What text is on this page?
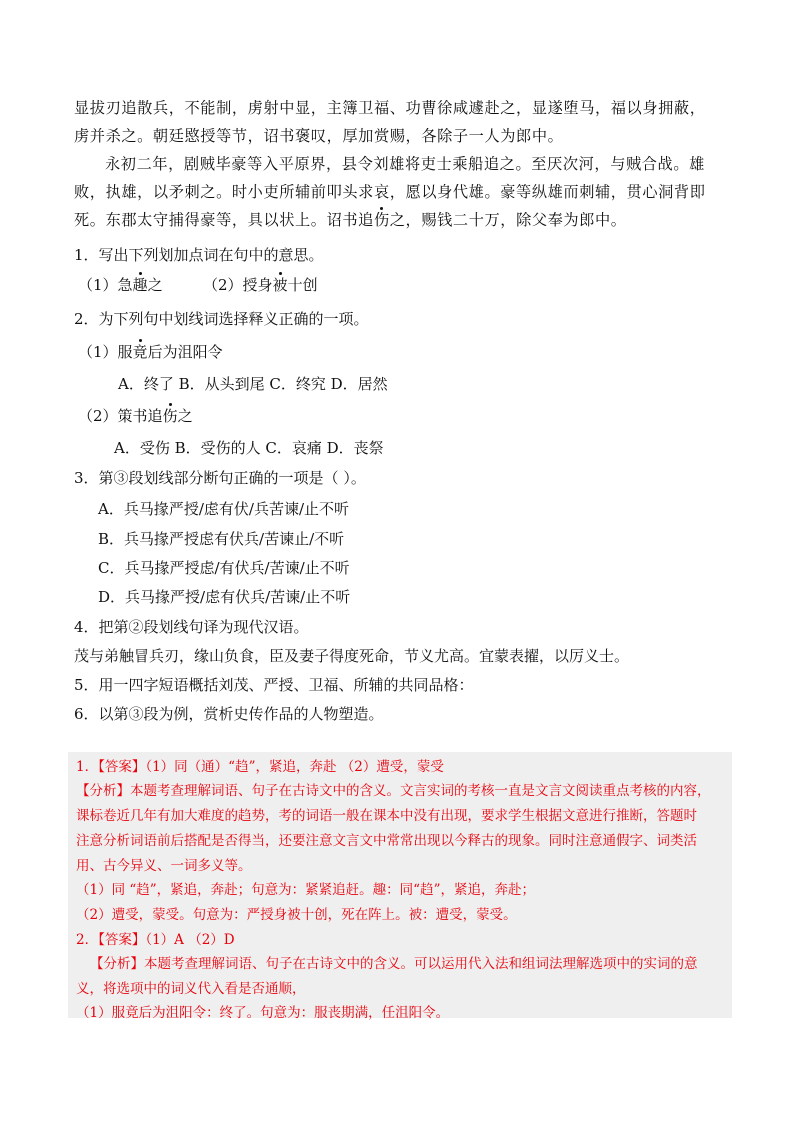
显拔刃追散兵，不能制，虏射中显，主簿卫福、功曹徐咸遽赴之，显遂堕马，福以身拥蔽，
虏并杀之。朝廷愍授等节，诏书褒叹，厚加赏赐，各除子一人为郎中。
永初二年，剧贼毕豪等入平原界，县令刘雄将吏士乘船追之。至厌次河，与贼合战。雄
败，执雄，以矛刺之。时小吏所辅前叩头求哀，愿以身代雄。豪等纵雄而刺辅，贯心洞背即
死。东郡太守捕得豪等，具以状上。诏书追伤之，赐钱二十万，除父奉为郎中。
1．写出下列划加点词在句中的意思。
（1）急趣之	（2）授身被十创
2．为下列句中划线词选择释义正确的一项。
（1）服竟后为沮阳令
A．终了 B．从头到尾 C．终究 D．居然
（2）策书追伤之
A．受伤 B．受伤的人 C．哀痛 D．丧祭
3．第③段划线部分断句正确的一项是（ ）。
A．兵马掾严授/虑有伏/兵苦谏/止不听
B．兵马掾严授虑有伏兵/苦谏止/不听
C．兵马掾严授虑/有伏兵/苦谏/止不听
D．兵马掾严授/虑有伏兵/苦谏/止不听
4．把第②段划线句译为现代汉语。
茂与弟触冒兵刃，缘山负食，臣及妻子得度死命，节义尤高。宜蒙表擢，以厉义士。
5．用一四字短语概括刘茂、严授、卫福、所辅的共同品格：
6．以第③段为例，赏析史传作品的人物塑造。
1．【答案】（1）同（通）“趋”，紧追，奔赴 （2）遭受，蒙受
【分析】本题考查理解词语、句子在古诗文中的含义。文言实词的考核一直是文言文阅读重点考核的内容，
课标卷近几年有加大难度的趋势，考的词语一般在课本中没有出现，要求学生根据文意进行推断，答题时
注意分析词语前后搭配是否得当，还要注意文言文中常常出现以今释古的现象。同时注意通假字、词类活
用、古今异义、一词多义等。
（1）同 “趋”，紧追，奔赴；句意为：紧紧追赶。趣：同“趋”，紧追，奔赴；
（2）遭受，蒙受。句意为：严授身被十创，死在阵上。被：遭受，蒙受。
2．【答案】（1）A （2）D
【分析】本题考查理解词语、句子在古诗文中的含义。可以运用代入法和组词法理解选项中的实词的意
义，将选项中的词义代入看是否通顺，
（1）服竟后为沮阳令：终了。句意为：服丧期满，任沮阳令。
